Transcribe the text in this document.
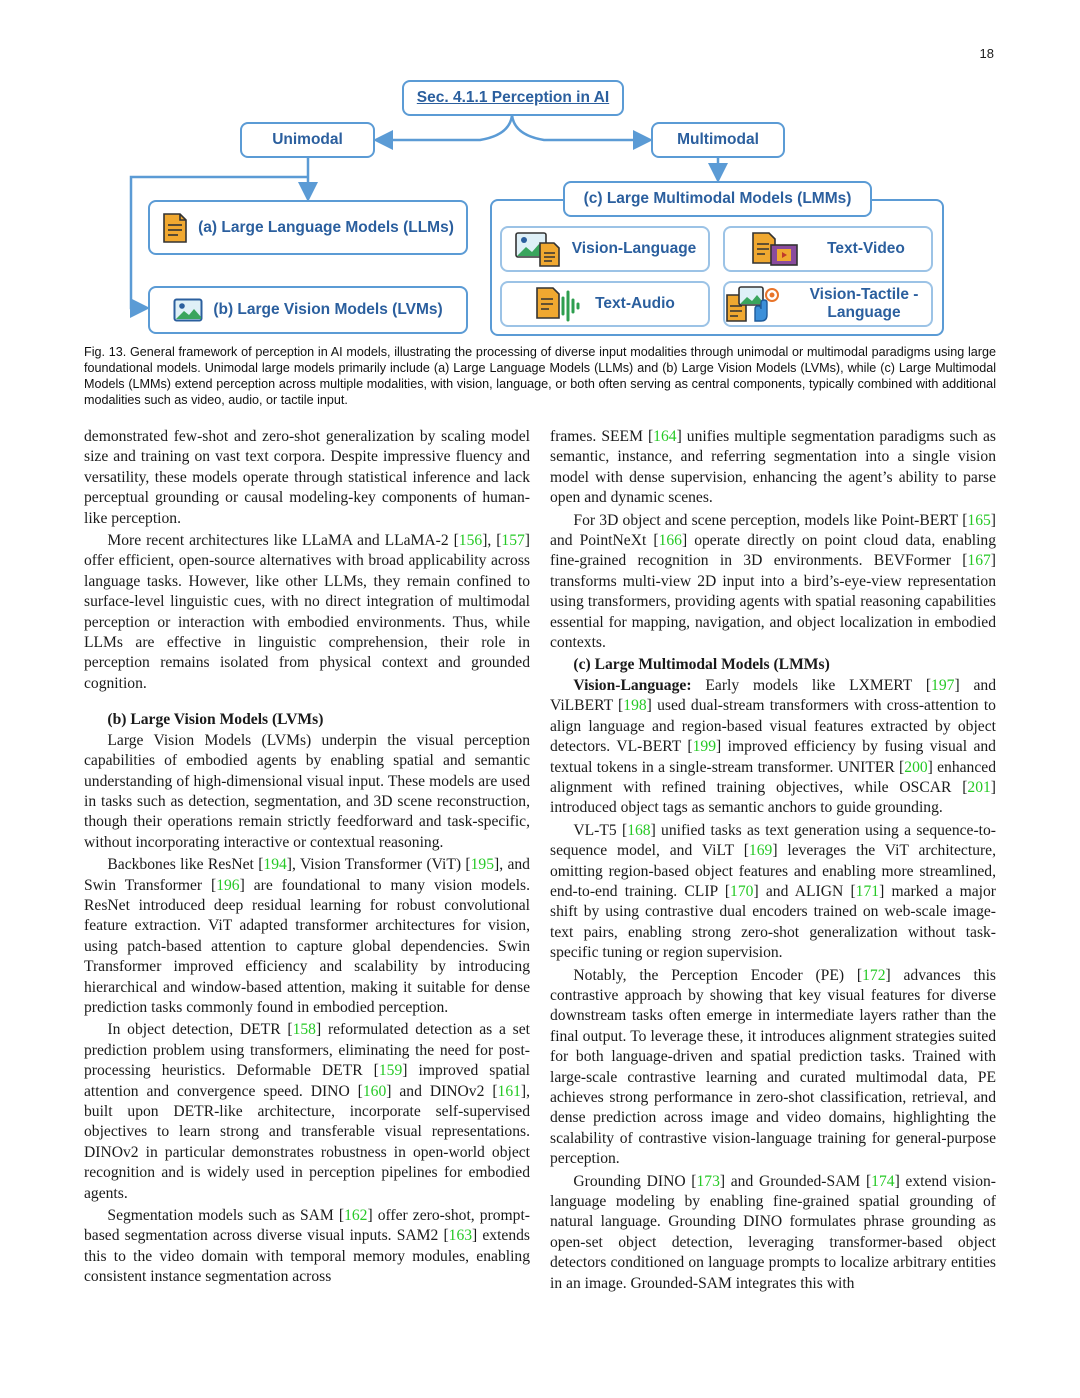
18
Sec. 4.1.1 Perception in AI
Unimodal	Multimodal
(a) Large Language Models (LLMs)
(b) Large Vision Models (LVMs)
(c) Large Multimodal Models (LMMs)
Vision-Language	Text-Video
Text-Audio
Vision-Tactile -Language
Fig. 13. General framework of perception in AI models, illustrating the processing of diverse input modalities through unimodal or multimodal paradigms using large foundational models. Unimodal large models primarily include (a) Large Language Models (LLMs) and (b) Large Vision Models (LVMs), while (c) Large Multimodal Models (LMMs) extend perception across multiple modalities, with vision, language, or both often serving as central components, typically combined with additional modalities such as video, audio, or tactile input.

demonstrated few-shot and zero-shot generalization by scaling model size and training on vast text corpora. Despite impressive fluency and versatility, these models operate through statistical inference and lack perceptual grounding or causal modeling-key components of human-like perception.

More recent architectures like LLaMA and LLaMA-2 [156], [157] offer efficient, open-source alternatives with broad applicability across language tasks. However, like other LLMs, they remain confined to surface-level linguistic cues, with no direct integration of multimodal perception or interaction with embodied environments. Thus, while LLMs are effective in linguistic comprehension, their role in perception remains isolated from physical context and grounded cognition.

(b) Large Vision Models (LVMs)

Large Vision Models (LVMs) underpin the visual perception capabilities of embodied agents by enabling spatial and semantic understanding of high-dimensional visual input. These models are used in tasks such as detection, segmentation, and 3D scene reconstruction, though their operations remain strictly feedforward and task-specific, without incorporating interactive or contextual reasoning.

Backbones like ResNet [194], Vision Transformer (ViT) [195], and Swin Transformer [196] are foundational to many vision models. ResNet introduced deep residual learning for robust convolutional feature extraction. ViT adapted transformer architectures for vision, using patch-based attention to capture global dependencies. Swin Transformer improved efficiency and scalability by introducing hierarchical and window-based attention, making it suitable for dense prediction tasks commonly found in embodied perception.

In object detection, DETR [158] reformulated detection as a set prediction problem using transformers, eliminating the need for post-processing heuristics. Deformable DETR [159] improved spatial attention and convergence speed. DINO [160] and DINOv2 [161], built upon DETR-like architecture, incorporate self-supervised objectives to learn strong and transferable visual representations. DINOv2 in particular demonstrates robustness in open-world object recognition and is widely used in perception pipelines for embodied agents.

Segmentation models such as SAM [162] offer zero-shot, prompt-based segmentation across diverse visual inputs. SAM2 [163] extends this to the video domain with temporal memory modules, enabling consistent instance segmentation across

frames. SEEM [164] unifies multiple segmentation paradigms such as semantic, instance, and referring segmentation into a single vision model with dense supervision, enhancing the agent’s ability to parse open and dynamic scenes.

For 3D object and scene perception, models like Point-BERT [165] and PointNeXt [166] operate directly on point cloud data, enabling fine-grained recognition in 3D environments. BEVFormer [167] transforms multi-view 2D input into a bird’s-eye-view representation using transformers, providing agents with spatial reasoning capabilities essential for mapping, navigation, and object localization in embodied contexts.

(c) Large Multimodal Models (LMMs)

Vision-Language: Early models like LXMERT [197] and ViLBERT [198] used dual-stream transformers with cross-attention to align language and region-based visual features extracted by object detectors. VL-BERT [199] improved efficiency by fusing visual and textual tokens in a single-stream transformer. UNITER [200] enhanced alignment with refined training objectives, while OSCAR [201] introduced object tags as semantic anchors to guide grounding.

VL-T5 [168] unified tasks as text generation using a sequence-to-sequence model, and ViLT [169] leverages the ViT architecture, omitting region-based object features and enabling more streamlined, end-to-end training. CLIP [170] and ALIGN [171] marked a major shift by using contrastive dual encoders trained on web-scale image-text pairs, enabling strong zero-shot generalization without task-specific tuning or region supervision.

Notably, the Perception Encoder (PE) [172] advances this contrastive approach by showing that key visual features for diverse downstream tasks often emerge in intermediate layers rather than the final output. To leverage these, it introduces alignment strategies suited for both language-driven and spatial prediction tasks. Trained with large-scale contrastive learning and curated multimodal data, PE achieves strong performance in zero-shot classification, retrieval, and dense prediction across image and video domains, highlighting the scalability of contrastive vision-language training for general-purpose perception.

Grounding DINO [173] and Grounded-SAM [174] extend vision-language modeling by enabling fine-grained spatial grounding of natural language. Grounding DINO formulates phrase grounding as open-set object detection, leveraging transformer-based object detectors conditioned on language prompts to localize arbitrary entities in an image. Grounded-SAM integrates this with
